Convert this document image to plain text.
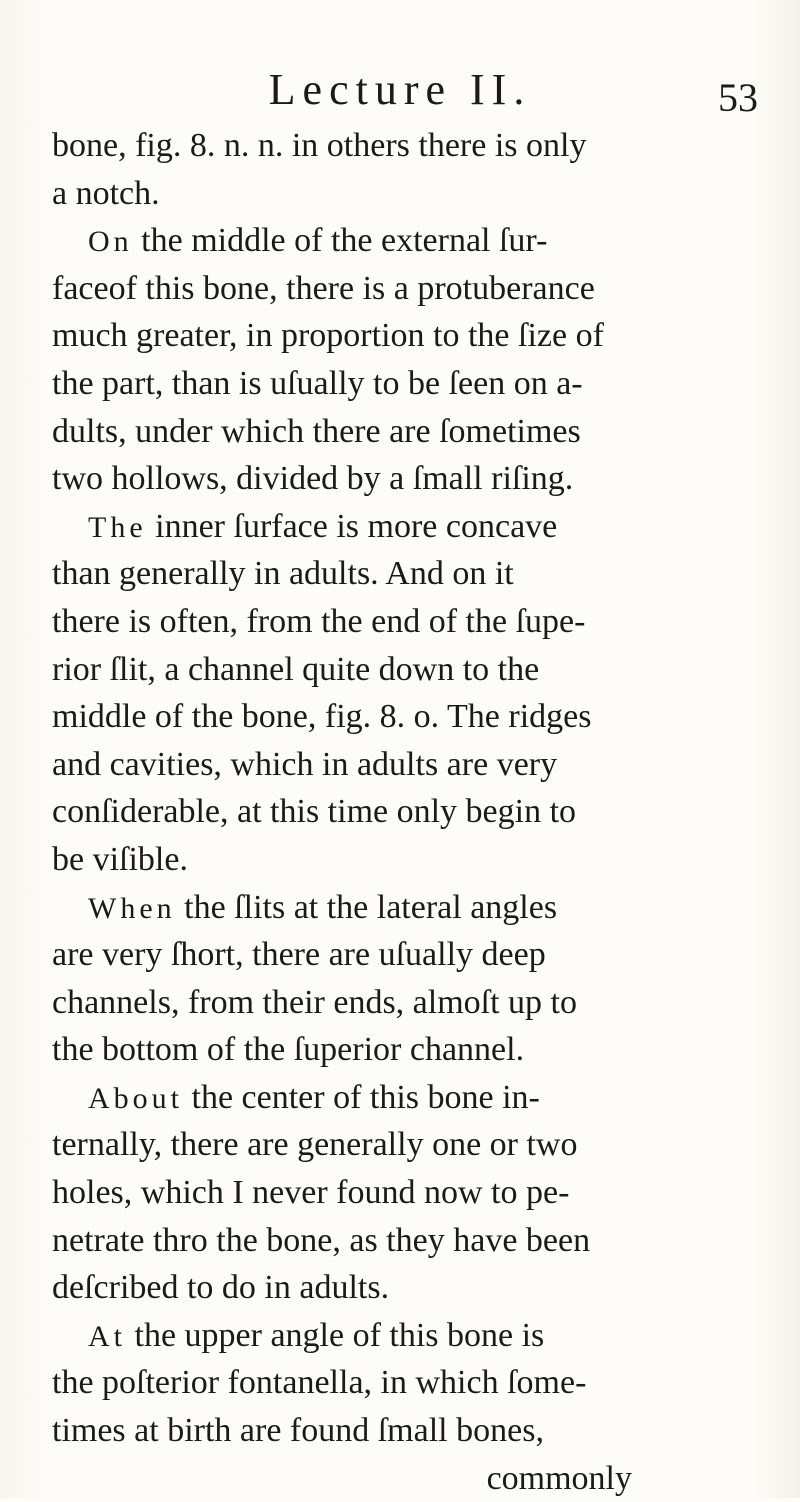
Lecture II.	53
bone, fig. 8. n. n. in others there is only
a notch.
On the middle of the external ſur-
faceof this bone, there is a protuberance
much greater, in proportion to the ſize of
the part, than is uſually to be ſeen on a-
dults, under which there are ſometimes
two hollows, divided by a ſmall riſing.
The inner ſurface is more concave
than generally in adults. And on it
there is often, from the end of the ſupe-
rior ſlit, a channel quite down to the
middle of the bone, fig. 8. o. The ridges
and cavities, which in adults are very
conſiderable, at this time only begin to
be viſible.
When the ſlits at the lateral angles
are very ſhort, there are uſually deep
channels, from their ends, almoſt up to
the bottom of the ſuperior channel.
About the center of this bone in-
ternally, there are generally one or two
holes, which I never found now to pe-
netrate thro the bone, as they have been
deſcribed to do in adults.
At the upper angle of this bone is
the poſterior fontanella, in which ſome-
times at birth are found ſmall bones,
commonly
